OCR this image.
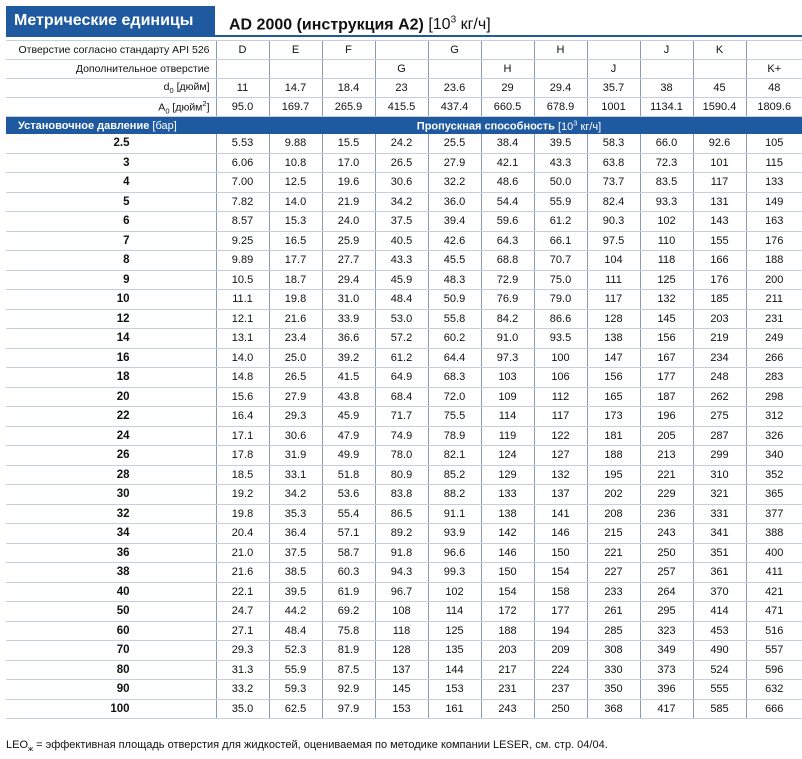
Метрические единицы	AD 2000 (инструкция A2) [$10^3$ кг/ч]
Отверстие согласно стандарту API 526	D	E	F		G		H		J	K	
Дополнительное отверстие				G		H		J			K+
$d_0$ [дюйм]	11	14.7	18.4	23	23.6	29	29.4	35.7	38	45	48
$A_0$ [дюйм$^2$]	95.0	169.7	265.9	415.5	437.4	660.5	678.9	1001	1134.1	1590.4	1809.6
Установочное давление [бар]	Пропускная способность [$10^3$ кг/ч]										
2.5	5.53	9.88	15.5	24.2	25.5	38.4	39.5	58.3	66.0	92.6	105
3	6.06	10.8	17.0	26.5	27.9	42.1	43.3	63.8	72.3	101	115
4	7.00	12.5	19.6	30.6	32.2	48.6	50.0	73.7	83.5	117	133
5	7.82	14.0	21.9	34.2	36.0	54.4	55.9	82.4	93.3	131	149
6	8.57	15.3	24.0	37.5	39.4	59.6	61.2	90.3	102	143	163
7	9.25	16.5	25.9	40.5	42.6	64.3	66.1	97.5	110	155	176
8	9.89	17.7	27.7	43.3	45.5	68.8	70.7	104	118	166	188
9	10.5	18.7	29.4	45.9	48.3	72.9	75.0	111	125	176	200
10	11.1	19.8	31.0	48.4	50.9	76.9	79.0	117	132	185	211
12	12.1	21.6	33.9	53.0	55.8	84.2	86.6	128	145	203	231
14	13.1	23.4	36.6	57.2	60.2	91.0	93.5	138	156	219	249
16	14.0	25.0	39.2	61.2	64.4	97.3	100	147	167	234	266
18	14.8	26.5	41.5	64.9	68.3	103	106	156	177	248	283
20	15.6	27.9	43.8	68.4	72.0	109	112	165	187	262	298
22	16.4	29.3	45.9	71.7	75.5	114	117	173	196	275	312
24	17.1	30.6	47.9	74.9	78.9	119	122	181	205	287	326
26	17.8	31.9	49.9	78.0	82.1	124	127	188	213	299	340
28	18.5	33.1	51.8	80.9	85.2	129	132	195	221	310	352
30	19.2	34.2	53.6	83.8	88.2	133	137	202	229	321	365
32	19.8	35.3	55.4	86.5	91.1	138	141	208	236	331	377
34	20.4	36.4	57.1	89.2	93.9	142	146	215	243	341	388
36	21.0	37.5	58.7	91.8	96.6	146	150	221	250	351	400
38	21.6	38.5	60.3	94.3	99.3	150	154	227	257	361	411
40	22.1	39.5	61.9	96.7	102	154	158	233	264	370	421
50	24.7	44.2	69.2	108	114	172	177	261	295	414	471
60	27.1	48.4	75.8	118	125	188	194	285	323	453	516
70	29.3	52.3	81.9	128	135	203	209	308	349	490	557
80	31.3	55.9	87.5	137	144	217	224	330	373	524	596
90	33.2	59.3	92.9	145	153	231	237	350	396	555	632
100	35.0	62.5	97.9	153	161	243	250	368	417	585	666
$LEO_ж$ = эффективная площадь отверстия для жидкостей, оцениваемая по методике компании LESER, см. стр. 04/04.
